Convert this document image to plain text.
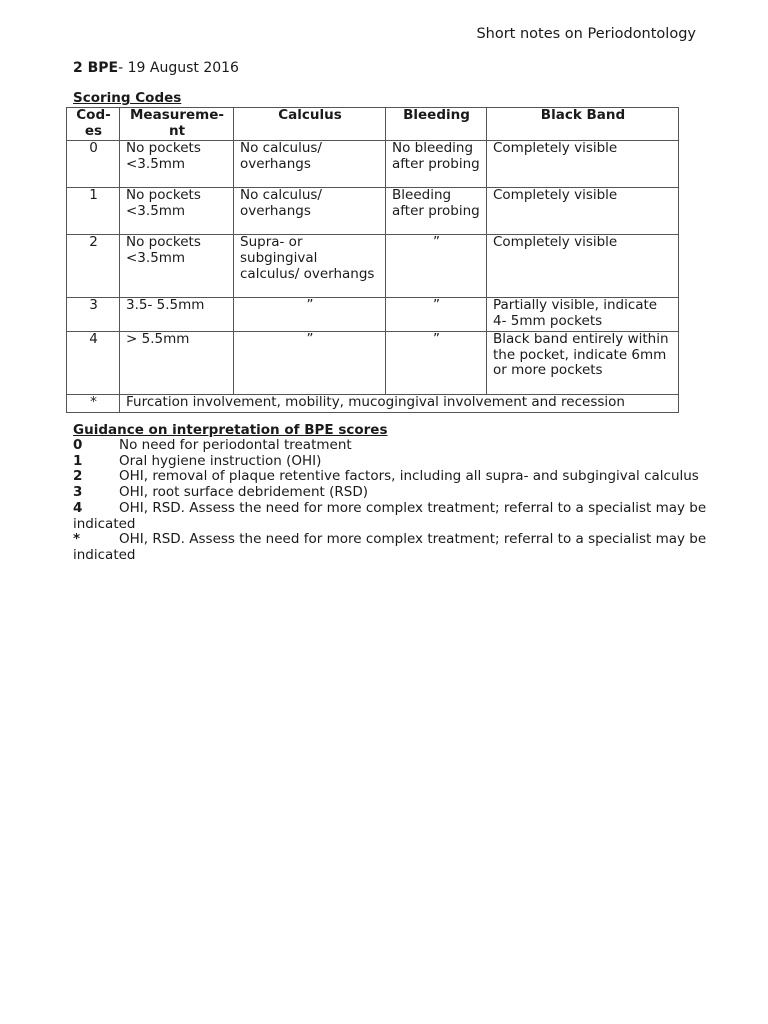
Short notes on Periodontology
2 BPE- 19 August 2016
Scoring Codes
Codes	Measurement	Calculus	Bleeding	Black Band
0	No pockets <3.5mm	No calculus/ overhangs	No bleeding after probing	Completely visible
1	No pockets <3.5mm	No calculus/ overhangs	Bleeding after probing	Completely visible
2	No pockets <3.5mm	Supra- or subgingival calculus/ overhangs	”	Completely visible
3	3.5- 5.5mm	”	”	Partially visible, indicate 4- 5mm pockets
4	> 5.5mm	”	”	Black band entirely within the pocket, indicate 6mm or more pockets
*	Furcation involvement, mobility, mucogingival involvement and recession			
Guidance on interpretation of BPE scores
0	No need for periodontal treatment
1	Oral hygiene instruction (OHI)
2	OHI, removal of plaque retentive factors, including all supra- and subgingival calculus
3	OHI, root surface debridement (RSD)
4	OHI, RSD. Assess the need for more complex treatment; referral to a specialist may be indicated
*	OHI, RSD. Assess the need for more complex treatment; referral to a specialist may be indicated
